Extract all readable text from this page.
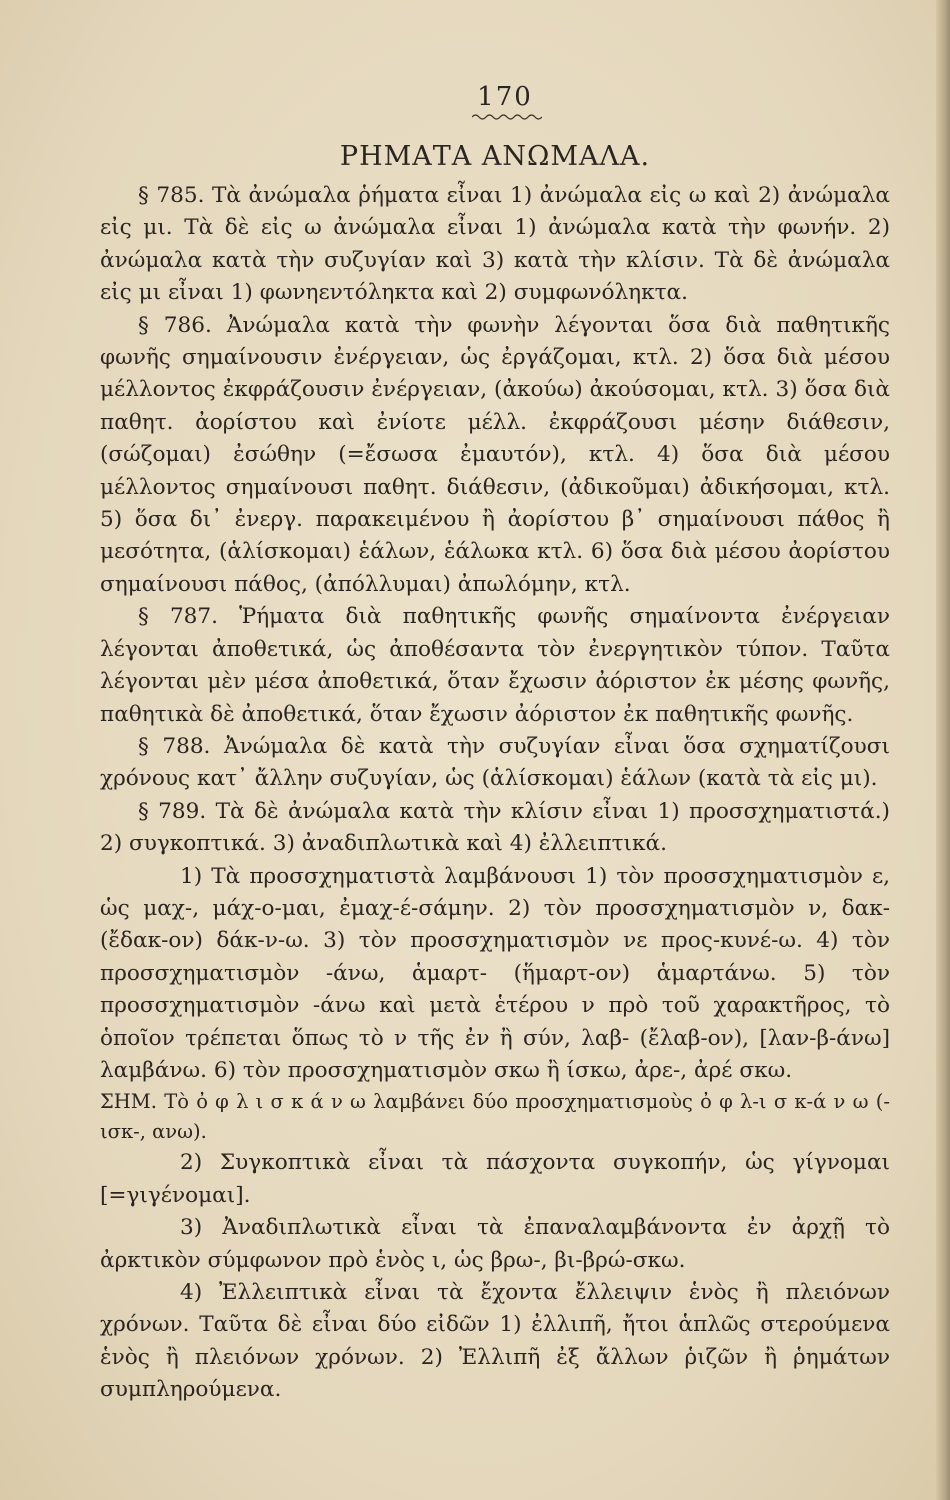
170
ΡΗΜΑΤΑ ΑΝΩΜΑΛΑ.

§ 785. Τὰ ἀνώμαλα ῥήματα εἶναι 1) ἀνώμαλα εἰς ω καὶ 2) ἀνώμαλα εἰς μι. Τὰ δὲ εἰς ω ἀνώμαλα εἶναι 1) ἀνώμαλα κατὰ τὴν φωνήν. 2) ἀνώμαλα κατὰ τὴν συζυγίαν καὶ 3) κατὰ τὴν κλίσιν. Τὰ δὲ ἀνώμαλα εἰς μι εἶναι 1) φωνηεντόληκτα καὶ 2) συμφωνόληκτα.

§ 786. Ἀνώμαλα κατὰ τὴν φωνὴν λέγονται ὅσα διὰ παθητικῆς φωνῆς σημαίνουσιν ἐνέργειαν, ὡς ἐργάζομαι, κτλ. 2) ὅσα διὰ μέσου μέλλοντος ἐκφράζουσιν ἐνέργειαν, (ἀκούω) ἀκούσομαι, κτλ. 3) ὅσα διὰ παθητ. ἀορίστου καὶ ἐνίοτε μέλλ. ἐκφράζουσι μέσην διάθεσιν, (σώζομαι) ἐσώθην (=ἔσωσα ἐμαυτόν), κτλ. 4) ὅσα διὰ μέσου μέλλοντος σημαίνουσι παθητ. διάθεσιν, (ἀδικοῦμαι) ἀδικήσομαι, κτλ. 5) ὅσα δι᾽ ἐνεργ. παρακειμένου ἢ ἀορίστου β᾽ σημαίνουσι πάθος ἢ μεσότητα, (ἁλίσκομαι) ἑάλων, ἑάλωκα κτλ. 6) ὅσα διὰ μέσου ἀορίστου σημαίνουσι πάθος, (ἀπόλλυμαι) ἀπωλόμην, κτλ.

§ 787. Ῥήματα διὰ παθητικῆς φωνῆς σημαίνοντα ἐνέργειαν λέγονται ἀποθετικά, ὡς ἀποθέσαντα τὸν ἐνεργητικὸν τύπον. Ταῦτα λέγονται μὲν μέσα ἀποθετικά, ὅταν ἔχωσιν ἀόριστον ἐκ μέσης φωνῆς, παθητικὰ δὲ ἀποθετικά, ὅταν ἔχωσιν ἀόριστον ἐκ παθητικῆς φωνῆς.

§ 788. Ἀνώμαλα δὲ κατὰ τὴν συζυγίαν εἶναι ὅσα σχηματίζουσι χρόνους κατ᾽ ἄλλην συζυγίαν, ὡς (ἁλίσκομαι) ἑάλων (κατὰ τὰ εἰς μι).

§ 789. Τὰ δὲ ἀνώμαλα κατὰ τὴν κλίσιν εἶναι 1) προσσχηματιστά.) 2) συγκοπτικά. 3) ἀναδιπλωτικὰ καὶ 4) ἐλλειπτικά.

1) Τὰ προσσχηματιστὰ λαμβάνουσι 1) τὸν προσσχηματισμὸν ε, ὡς μαχ-, μάχ-ο-μαι, ἐμαχ-έ-σάμην. 2) τὸν προσσχηματισμὸν ν, δακ- (ἔδακ-ον) δάκ-ν-ω. 3) τὸν προσσχηματισμὸν νε προς-κυνέ-ω. 4) τὸν προσσχηματισμὸν -άνω, ἁμαρτ- (ἥμαρτ-ον) ἁμαρτάνω. 5) τὸν προσσχηματισμὸν -άνω καὶ μετὰ ἑτέρου ν πρὸ τοῦ χαρακτῆρος, τὸ ὁποῖον τρέπεται ὅπως τὸ ν τῆς ἐν ἢ σύν, λαβ- (ἔλαβ-ον), [λαν-β-άνω] λαμβάνω. 6) τὸν προσσχηματισμὸν σκω ἢ ίσκω, ἀρε-, ἀρέ σκω.

ΣΗΜ. Τὸ ὀ φ λ ι σ κ ά ν ω λαμβάνει δύο προσχηματισμοὺς ὀ φ λ-ι σ κ-ά ν ω (-ισκ-, ανω).

2) Συγκοπτικὰ εἶναι τὰ πάσχοντα συγκοπήν, ὡς γίγνομαι [=γιγένομαι].

3) Ἀναδιπλωτικὰ εἶναι τὰ ἐπαναλαμβάνοντα ἐν ἀρχῇ τὸ ἀρκτικὸν σύμφωνον πρὸ ἑνὸς ι, ὡς βρω-, βι-βρώ-σκω.

4) Ἐλλειπτικὰ εἶναι τὰ ἔχοντα ἔλλειψιν ἑνὸς ἢ πλειόνων χρόνων. Ταῦτα δὲ εἶναι δύο εἰδῶν 1) ἐλλιπῆ, ἤτοι ἁπλῶς στερούμενα ἑνὸς ἢ πλειόνων χρόνων. 2) Ἐλλιπῆ ἐξ ἄλλων ῥιζῶν ἢ ῥημάτων συμπληρούμενα.
